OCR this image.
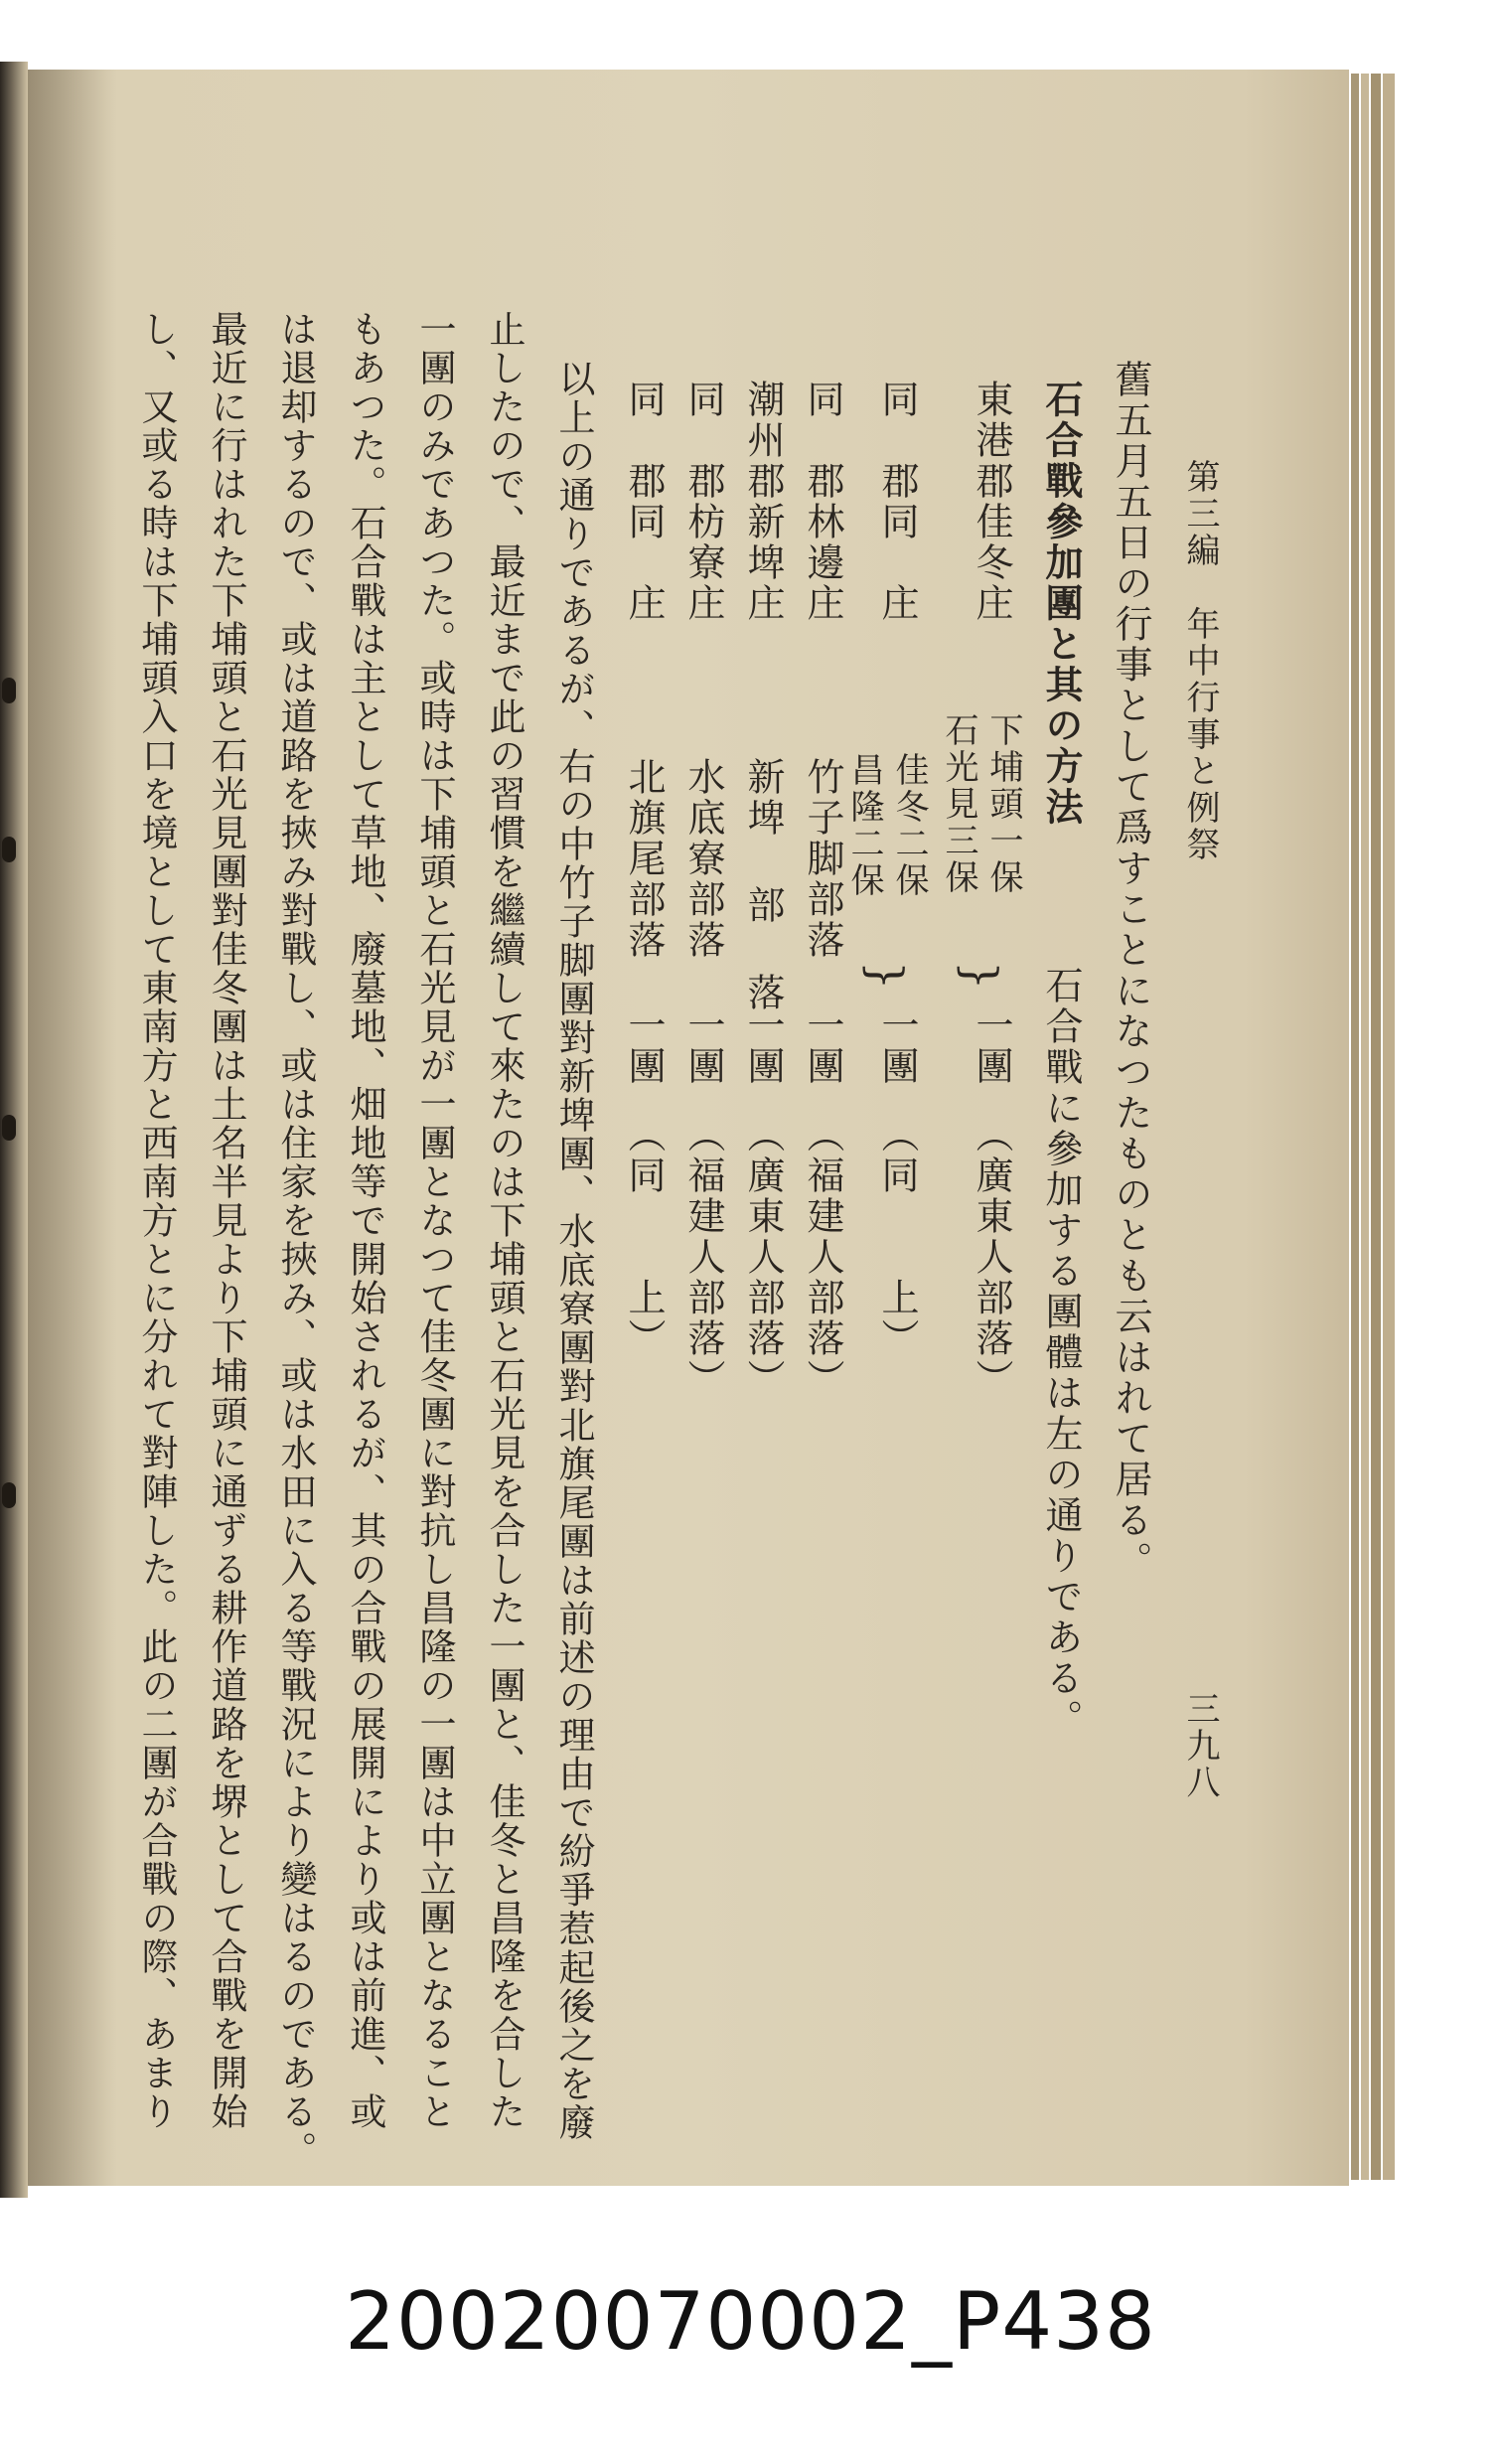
第三編　年中行事と例祭
三九八
舊五月五日の行事として爲すことになつたものとも云はれて居る。
石合戰參加團と其の方法
石合戰に參加する團體は左の通りである。
東港郡佳冬庄
下埔頭一保
石光見三保
}
一團
（廣東人部落）
同　郡同　庄
佳冬二保
昌隆二保
}
一團
（同　　上）
同　郡林邊庄
竹子脚部落
一團
（福建人部落）
潮州郡新埤庄
新埤 部 落
一團
（廣東人部落）
同　郡枋寮庄
水底寮部落
一團
（福建人部落）
同　郡同　庄
北旗尾部落
一團
（同　　上）
以上の通りであるが、右の中竹子脚團對新埤團、水底寮團對北旗尾團は前述の理由で紛爭惹起後之を廢
止したので、最近まで此の習慣を繼續して來たのは下埔頭と石光見を合した一團と、佳冬と昌隆を合した
一團のみであつた。或時は下埔頭と石光見が一團となつて佳冬團に對抗し昌隆の一團は中立團となること
もあつた。石合戰は主として草地、廢墓地、畑地等で開始されるが、其の合戰の展開により或は前進、或
は退却するので、或は道路を挾み對戰し、或は住家を挾み、或は水田に入る等戰況により變はるのである。
最近に行はれた下埔頭と石光見團對佳冬團は土名半見より下埔頭に通ずる耕作道路を堺として合戰を開始
し、又或る時は下埔頭入口を境として東南方と西南方とに分れて對陣した。此の二團が合戰の際、あまり
20020070002_P438
